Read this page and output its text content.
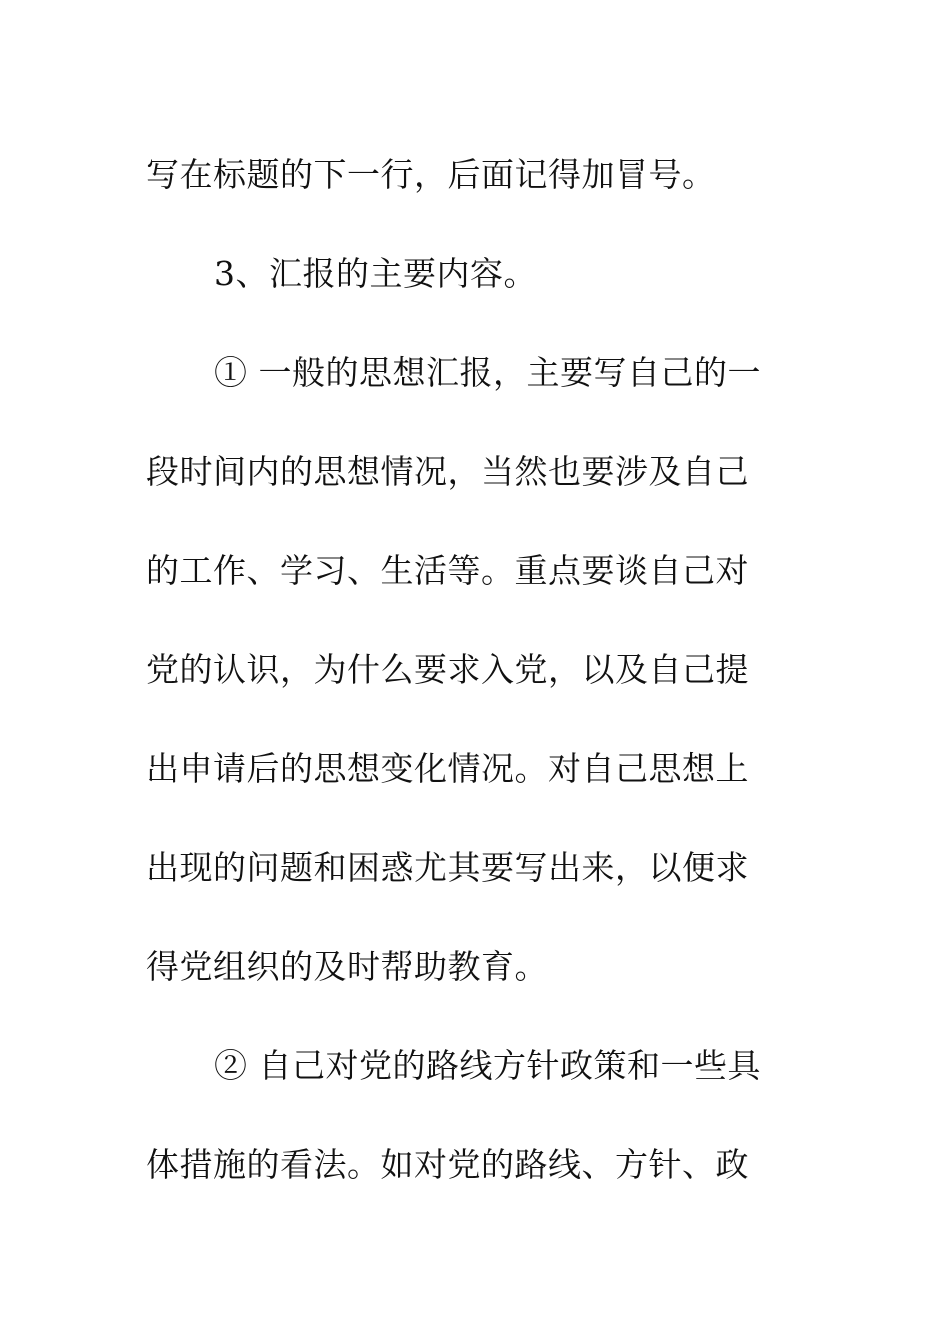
写在标题的下一行，后面记得加冒号。
3、汇报的主要内容。
① 一般的思想汇报，主要写自己的一
段时间内的思想情况，当然也要涉及自己
的工作、学习、生活等。重点要谈自己对
党的认识，为什么要求入党，以及自己提
出申请后的思想变化情况。对自己思想上
出现的问题和困惑尤其要写出来，以便求
得党组织的及时帮助教育。
② 自己对党的路线方针政策和一些具
体措施的看法。如对党的路线、方针、政
